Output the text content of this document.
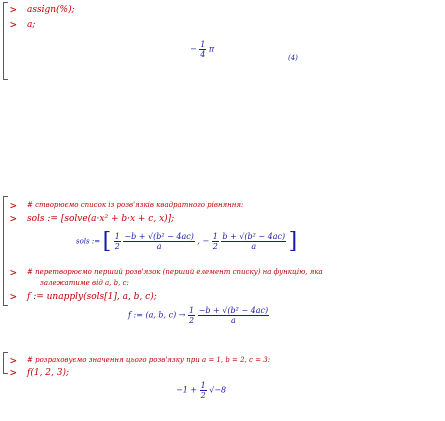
> assign(%);
> a;
− $\frac{1}{4}$ π
(4)
> # створюємо список із розв'язків квадратного рівняння:
> sols := [solve(a·x² + b·x + c, x)];
sols := [ $\frac{1}{2}$
$\frac{\text{−b + √(b² − 4ac)}}{a}$ , − $\frac{1}{2}$
$\frac{\text{b + √(b² − 4ac)}}{a}$ ]
> # перетворюємо перший розв'язок (перший елемент списку) на функцію, яка
залежатиме від a, b, c:
> f := unapply(sols[1], a, b, c);
f := (a, b, $c) \to \frac{1}{2}$
$\frac{\text{−b + √(b² − 4ac)}}{a}$
> # розраховуємо значення цього розв'язку при a = 1, b = 2, c = 3:
> f(1, 2, 3);
$-1 + \frac{1}{2} √-8$
